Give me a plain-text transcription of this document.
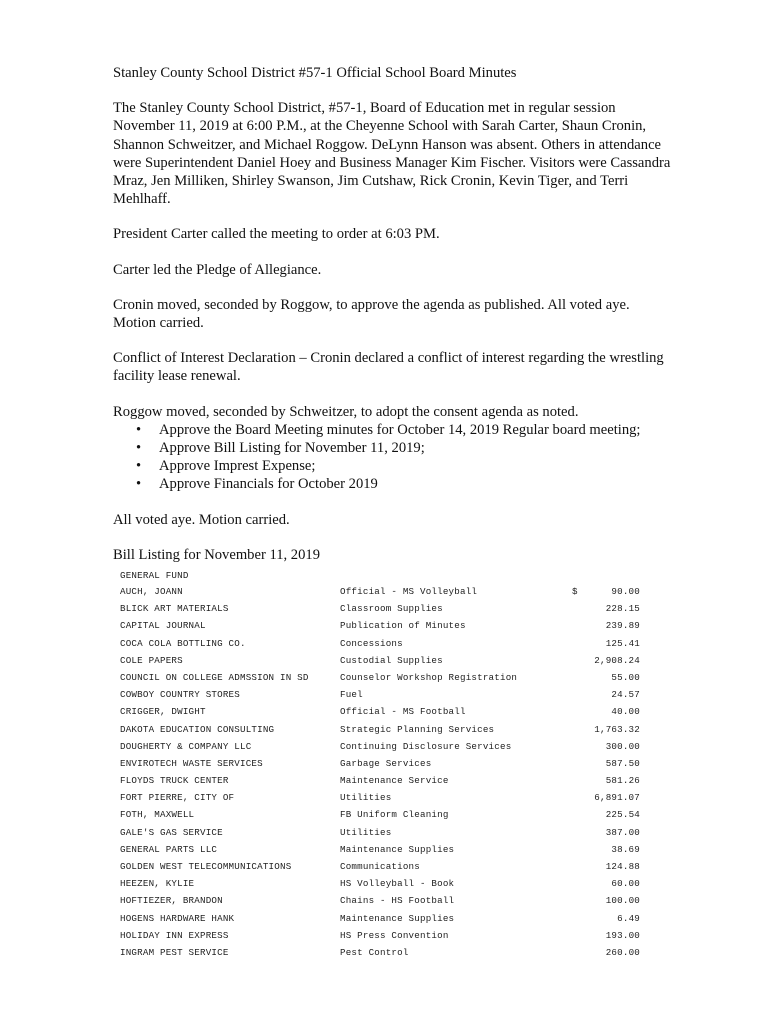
Stanley County School District #57-1 Official School Board Minutes

The Stanley County School District, #57-1, Board of Education met in regular session November 11, 2019 at 6:00 P.M., at the Cheyenne School with Sarah Carter, Shaun Cronin, Shannon Schweitzer, and Michael Roggow. DeLynn Hanson was absent. Others in attendance were Superintendent Daniel Hoey and Business Manager Kim Fischer. Visitors were Cassandra Mraz, Jen Milliken, Shirley Swanson, Jim Cutshaw, Rick Cronin, Kevin Tiger, and Terri Mehlhaff.

President Carter called the meeting to order at 6:03 PM.

Carter led the Pledge of Allegiance.

Cronin moved, seconded by Roggow, to approve the agenda as published. All voted aye. Motion carried.

Conflict of Interest Declaration – Cronin declared a conflict of interest regarding the wrestling facility lease renewal.

Roggow moved, seconded by Schweitzer, to adopt the consent agenda as noted.
• Approve the Board Meeting minutes for October 14, 2019 Regular board meeting;
• Approve Bill Listing for November 11, 2019;
• Approve Imprest Expense;
• Approve Financials for October 2019

All voted aye. Motion carried.

Bill Listing for November 11, 2019

GENERAL FUND
AUCH, JOANN	Official - MS Volleyball	$	90.00
BLICK ART MATERIALS	Classroom Supplies	228.15
CAPITAL JOURNAL	Publication of Minutes	239.89
COCA COLA BOTTLING CO.	Concessions	125.41
COLE PAPERS	Custodial Supplies	2,908.24
COUNCIL ON COLLEGE ADMSSION IN SD	Counselor Workshop Registration	55.00
COWBOY COUNTRY STORES	Fuel	24.57
CRIGGER, DWIGHT	Official - MS Football	40.00
DAKOTA EDUCATION CONSULTING	Strategic Planning Services	1,763.32
DOUGHERTY & COMPANY LLC	Continuing Disclosure Services	300.00
ENVIROTECH WASTE SERVICES	Garbage Services	587.50
FLOYDS TRUCK CENTER	Maintenance Service	581.26
FORT PIERRE, CITY OF	Utilities	6,891.07
FOTH, MAXWELL	FB Uniform Cleaning	225.54
GALE'S GAS SERVICE	Utilities	387.00
GENERAL PARTS LLC	Maintenance Supplies	38.69
GOLDEN WEST TELECOMMUNICATIONS	Communications	124.88
HEEZEN, KYLIE	HS Volleyball - Book	60.00
HOFTIEZER, BRANDON	Chains - HS Football	100.00
HOGENS HARDWARE HANK	Maintenance Supplies	6.49
HOLIDAY INN EXPRESS	HS Press Convention	193.00
INGRAM PEST SERVICE	Pest Control	260.00
